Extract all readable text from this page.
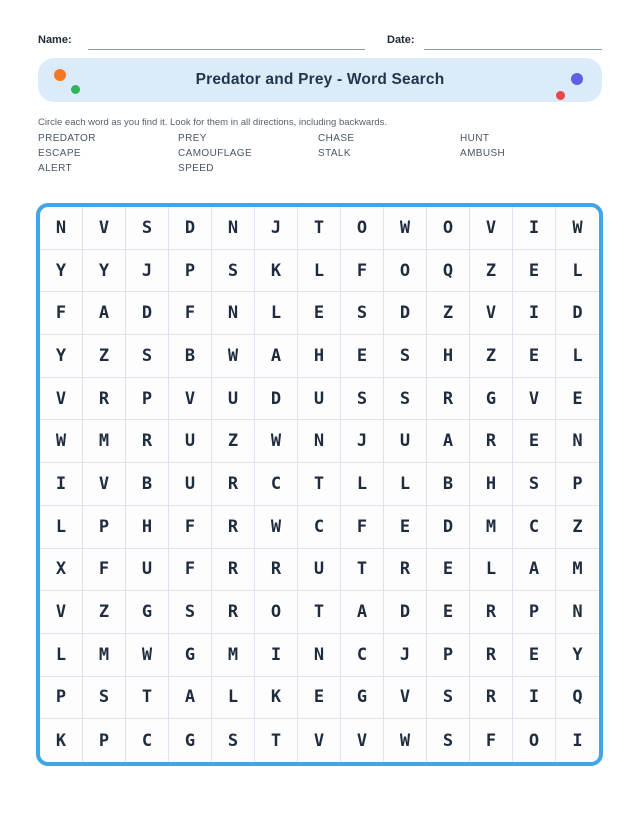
Name:	Date:
Predator and Prey - Word Search
Circle each word as you find it. Look for them in all directions, including backwards.
PREDATOR	PREY	CHASE	HUNT
ESCAPE	CAMOUFLAGE	STALK	AMBUSH
ALERT	SPEED
N	V	S	D	N	J	T	O	W	O	V	I	W
Y	Y	J	P	S	K	L	F	O	Q	Z	E	L
F	A	D	F	N	L	E	S	D	Z	V	I	D
Y	Z	S	B	W	A	H	E	S	H	Z	E	L
V	R	P	V	U	D	U	S	S	R	G	V	E
W	M	R	U	Z	W	N	J	U	A	R	E	N
I	V	B	U	R	C	T	L	L	B	H	S	P
L	P	H	F	R	W	C	F	E	D	M	C	Z
X	F	U	F	R	R	U	T	R	E	L	A	M
V	Z	G	S	R	O	T	A	D	E	R	P	N
L	M	W	G	M	I	N	C	J	P	R	E	Y
P	S	T	A	L	K	E	G	V	S	R	I	Q
K	P	C	G	S	T	V	V	W	S	F	O	I
